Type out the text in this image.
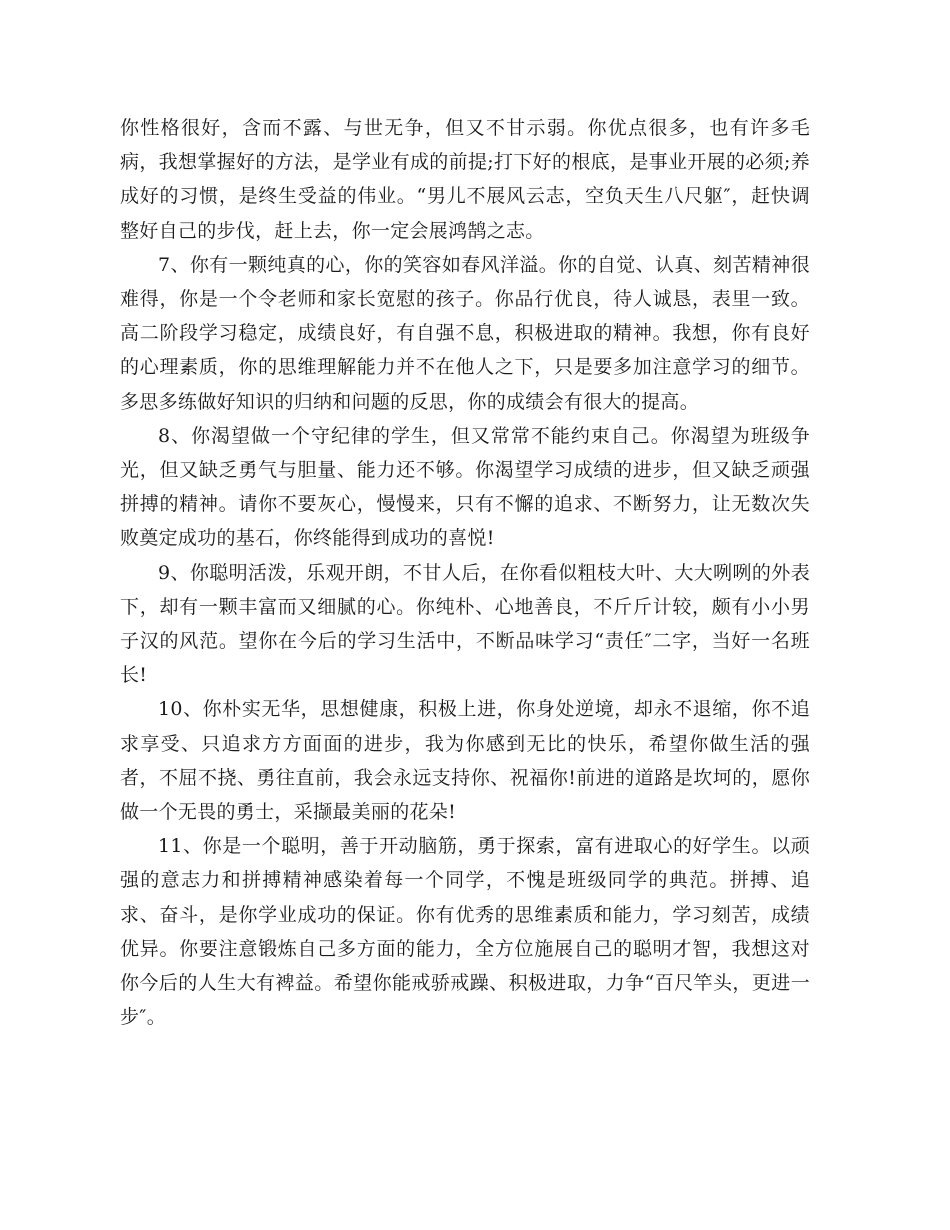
你性格很好，含而不露、与世无争，但又不甘示弱。你优点很多，也有许多毛病，我想掌握好的方法，是学业有成的前提;打下好的根底，是事业开展的必须;养成好的习惯，是终生受益的伟业。“男儿不展风云志，空负天生八尺躯″，赶快调整好自己的步伐，赶上去，你一定会展鸿鹄之志。

7、你有一颗纯真的心，你的笑容如春风洋溢。你的自觉、认真、刻苦精神很难得，你是一个令老师和家长宽慰的孩子。你品行优良，待人诚恳，表里一致。高二阶段学习稳定，成绩良好，有自强不息，积极进取的精神。我想，你有良好的心理素质，你的思维理解能力并不在他人之下，只是要多加注意学习的细节。多思多练做好知识的归纳和问题的反思，你的成绩会有很大的提高。

8、你渴望做一个守纪律的学生，但又常常不能约束自己。你渴望为班级争光，但又缺乏勇气与胆量、能力还不够。你渴望学习成绩的进步，但又缺乏顽强拼搏的精神。请你不要灰心，慢慢来，只有不懈的追求、不断努力，让无数次失败奠定成功的基石，你终能得到成功的喜悦!

9、你聪明活泼，乐观开朗，不甘人后，在你看似粗枝大叶、大大咧咧的外表下，却有一颗丰富而又细腻的心。你纯朴、心地善良，不斤斤计较，颇有小小男子汉的风范。望你在今后的学习生活中，不断品味学习“责任″二字，当好一名班长!

10、你朴实无华，思想健康，积极上进，你身处逆境，却永不退缩，你不追求享受、只追求方方面面的进步，我为你感到无比的快乐，希望你做生活的强者，不屈不挠、勇往直前，我会永远支持你、祝福你!前进的道路是坎坷的，愿你做一个无畏的勇士，采撷最美丽的花朵!

11、你是一个聪明，善于开动脑筋，勇于探索，富有进取心的好学生。以顽强的意志力和拼搏精神感染着每一个同学，不愧是班级同学的典范。拼搏、追求、奋斗，是你学业成功的保证。你有优秀的思维素质和能力，学习刻苦，成绩优异。你要注意锻炼自己多方面的能力，全方位施展自己的聪明才智，我想这对你今后的人生大有裨益。希望你能戒骄戒躁、积极进取，力争“百尺竿头，更进一步″。
